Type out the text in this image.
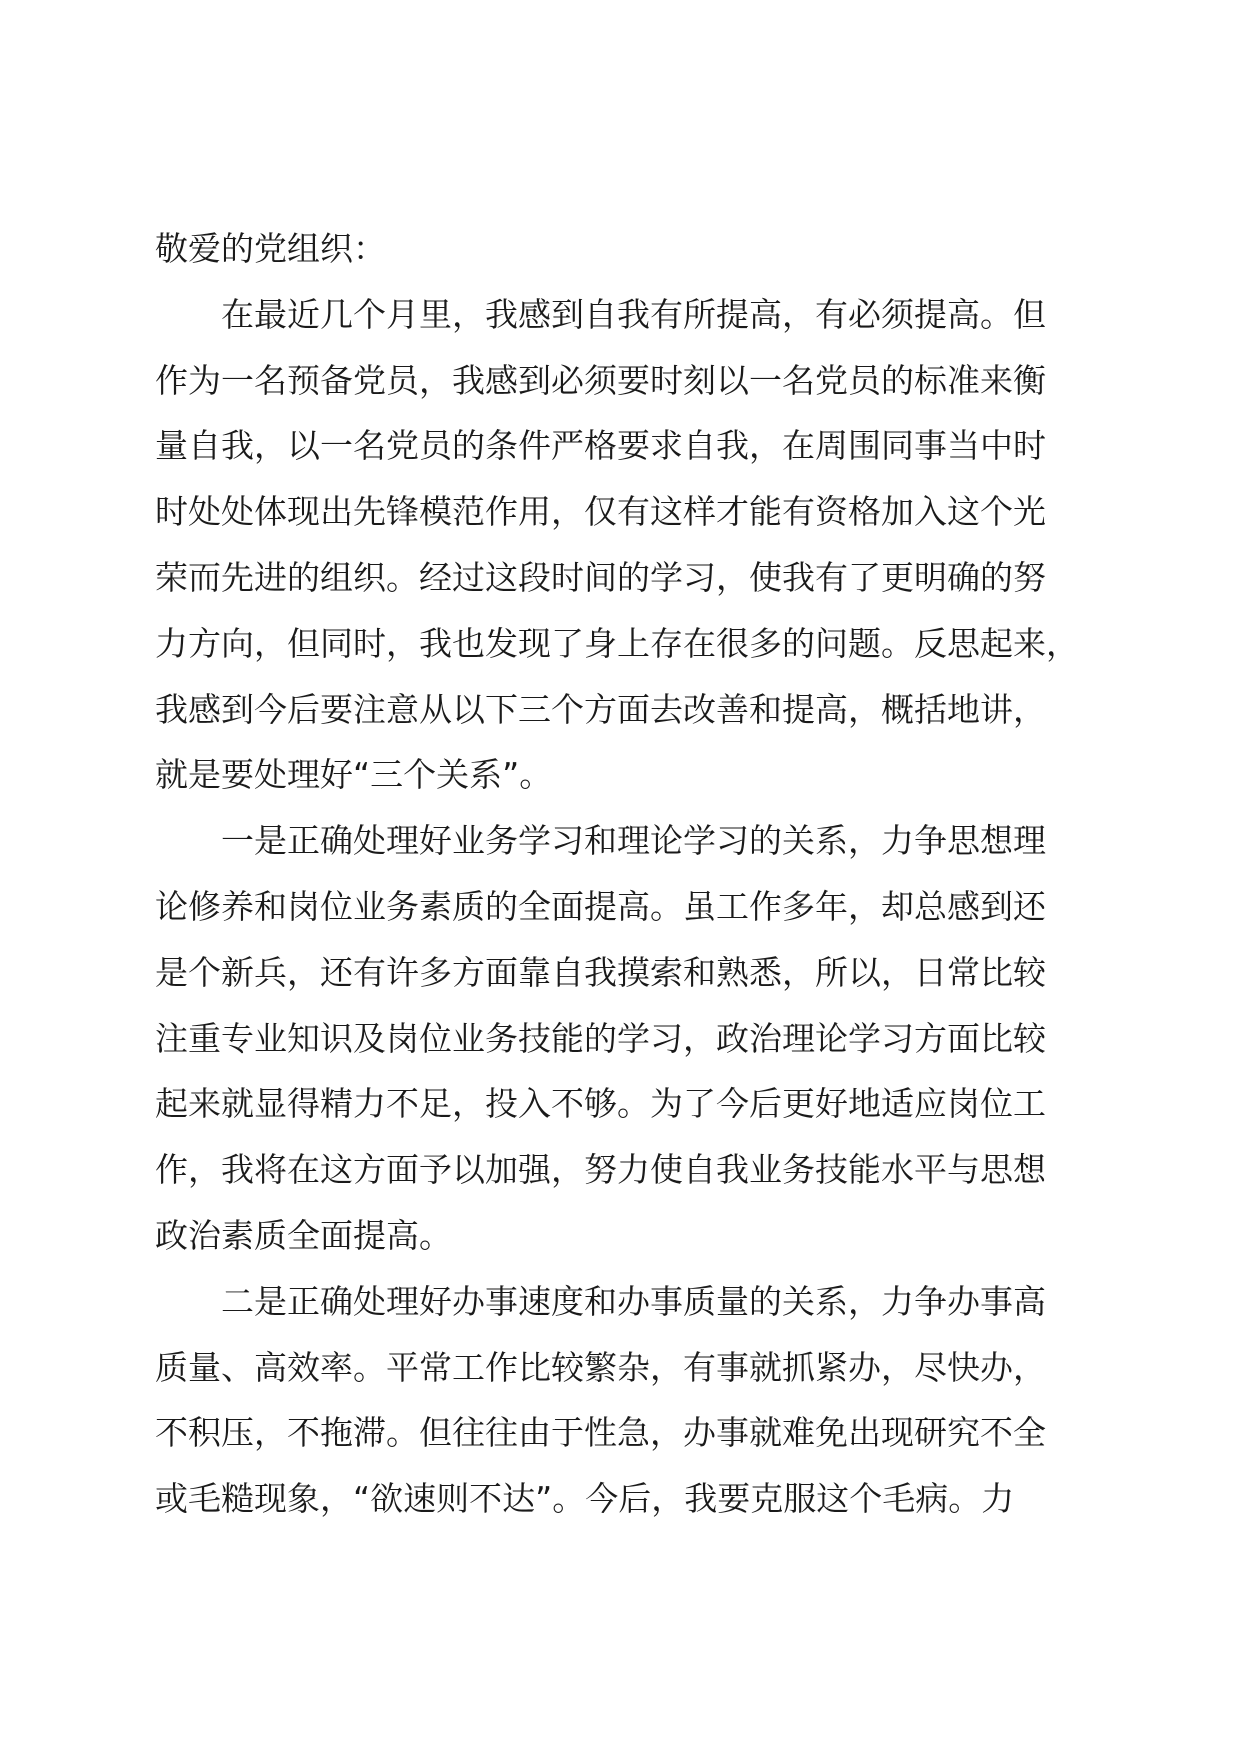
敬爱的党组织：
在最近几个月里，我感到自我有所提高，有必须提高。但
作为一名预备党员，我感到必须要时刻以一名党员的标准来衡
量自我，以一名党员的条件严格要求自我，在周围同事当中时
时处处体现出先锋模范作用，仅有这样才能有资格加入这个光
荣而先进的组织。经过这段时间的学习，使我有了更明确的努
力方向，但同时，我也发现了身上存在很多的问题。反思起来，
我感到今后要注意从以下三个方面去改善和提高，概括地讲，
就是要处理好“三个关系”。
一是正确处理好业务学习和理论学习的关系，力争思想理
论修养和岗位业务素质的全面提高。虽工作多年，却总感到还
是个新兵，还有许多方面靠自我摸索和熟悉，所以，日常比较
注重专业知识及岗位业务技能的学习，政治理论学习方面比较
起来就显得精力不足，投入不够。为了今后更好地适应岗位工
作，我将在这方面予以加强，努力使自我业务技能水平与思想
政治素质全面提高。
二是正确处理好办事速度和办事质量的关系，力争办事高
质量、高效率。平常工作比较繁杂，有事就抓紧办，尽快办，
不积压，不拖滞。但往往由于性急，办事就难免出现研究不全
或毛糙现象，“欲速则不达”。今后，我要克服这个毛病。力
